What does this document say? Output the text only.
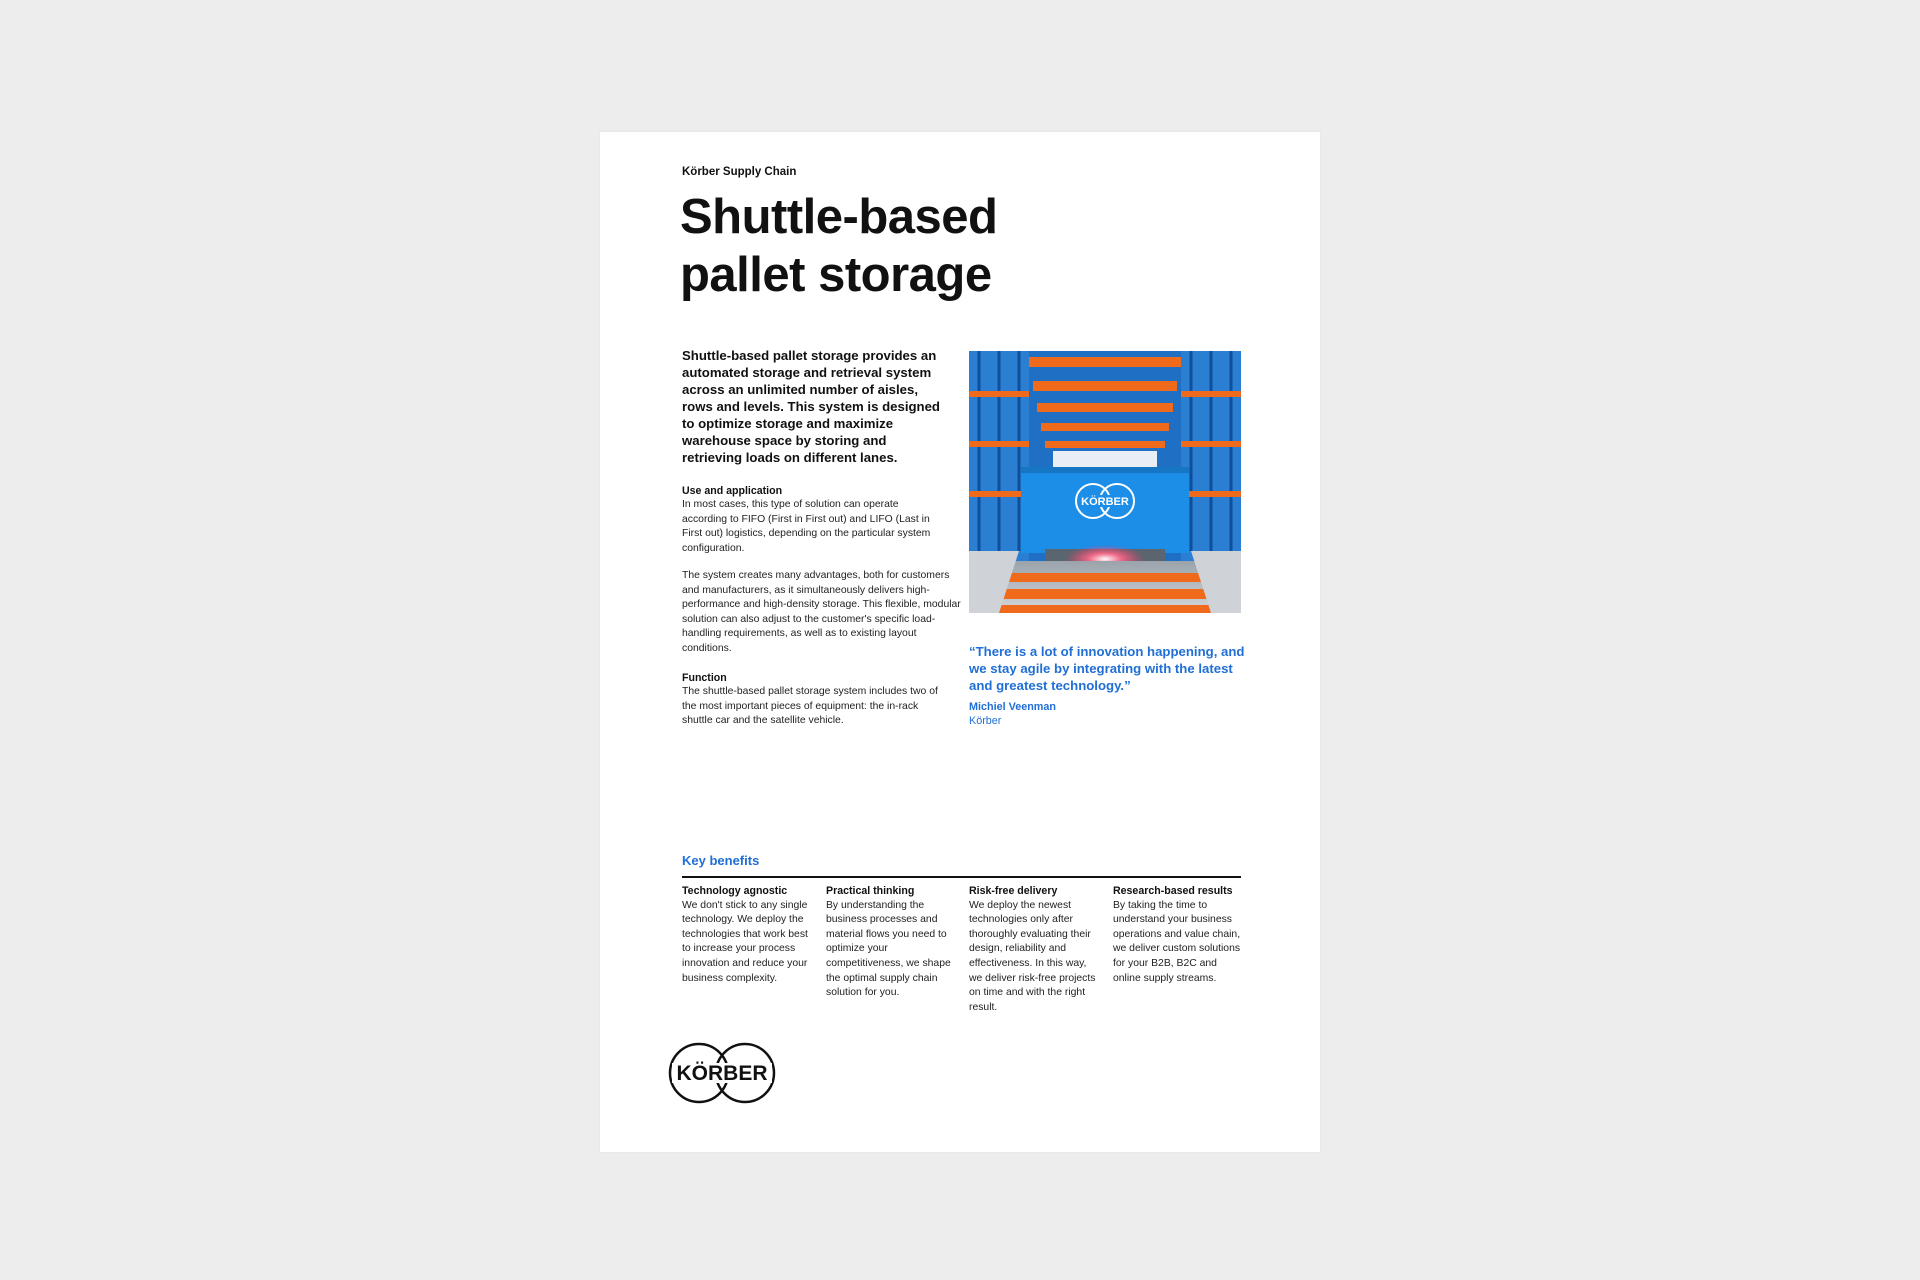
Körber Supply Chain
Shuttle-based
pallet storage
Shuttle-based pallet storage provides an automated storage and retrieval system across an unlimited number of aisles, rows and levels. This system is designed to optimize storage and maximize warehouse space by storing and retrieving loads on different lanes.
Use and application
In most cases, this type of solution can operate according to FIFO (First in First out) and LIFO (Last in First out) logistics, depending on the particular system configuration.
The system creates many advantages, both for customers and manufacturers, as it simultaneously delivers high-performance and high-density storage. This flexible, modular solution can also adjust to the customer's specific load-handling requirements, as well as to existing layout conditions.
Function
The shuttle-based pallet storage system includes two of the most important pieces of equipment: the in-rack shuttle car and the satellite vehicle.
KÖRBER
“There is a lot of innovation happening, and we stay agile by integrating with the latest and greatest technology.”
Michiel Veenman
Körber
Key benefits
Technology agnostic
We don't stick to any single technology. We deploy the technologies that work best to increase your process innovation and reduce your business complexity.
Practical thinking
By understanding the business processes and material flows you need to optimize your competitiveness, we shape the optimal supply chain solution for you.
Risk-free delivery
We deploy the newest technologies only after thoroughly evaluating their design, reliability and effectiveness. In this way, we deliver risk-free projects on time and with the right result.
Research-based results
By taking the time to understand your business operations and value chain, we deliver custom solutions for your B2B, B2C and online supply streams.
KÖRBER
